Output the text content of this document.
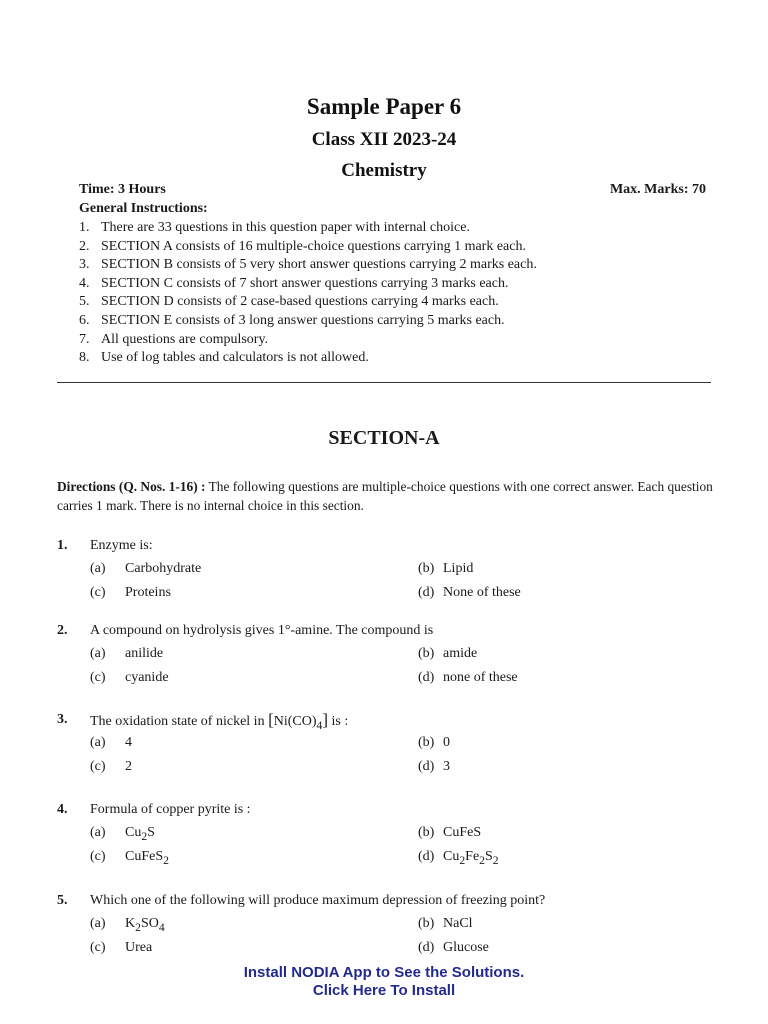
Sample Paper 6
Class XII 2023-24
Chemistry
Time: 3 Hours	Max. Marks: 70
General Instructions:
1. There are 33 questions in this question paper with internal choice.
2. SECTION A consists of 16 multiple-choice questions carrying 1 mark each.
3. SECTION B consists of 5 very short answer questions carrying 2 marks each.
4. SECTION C consists of 7 short answer questions carrying 3 marks each.
5. SECTION D consists of 2 case-based questions carrying 4 marks each.
6. SECTION E consists of 3 long answer questions carrying 5 marks each.
7. All questions are compulsory.
8. Use of log tables and calculators is not allowed.
SECTION-A
Directions (Q. Nos. 1-16) : The following questions are multiple-choice questions with one correct answer. Each question carries 1 mark. There is no internal choice in this section.
1. Enzyme is:
(a) Carbohydrate	(b) Lipid
(c) Proteins	(d) None of these
2. A compound on hydrolysis gives 1°-amine. The compound is
(a) anilide	(b) amide
(c) cyanide	(d) none of these
3. The oxidation state of nickel in $[Ni(CO)_4]$ is :
(a) 4	(b) 0
(c) 2	(d) 3
4. Formula of copper pyrite is :
(a) $Cu_2S$	(b) CuFeS
(c) CuFeS$_2$	(d) $Cu_2Fe_2S_2$
5. Which one of the following will produce maximum depression of freezing point?
(a) $K_2SO_4$	(b) NaCl
(c) Urea	(d) Glucose
Install NODIA App to See the Solutions.
Click Here To Install
